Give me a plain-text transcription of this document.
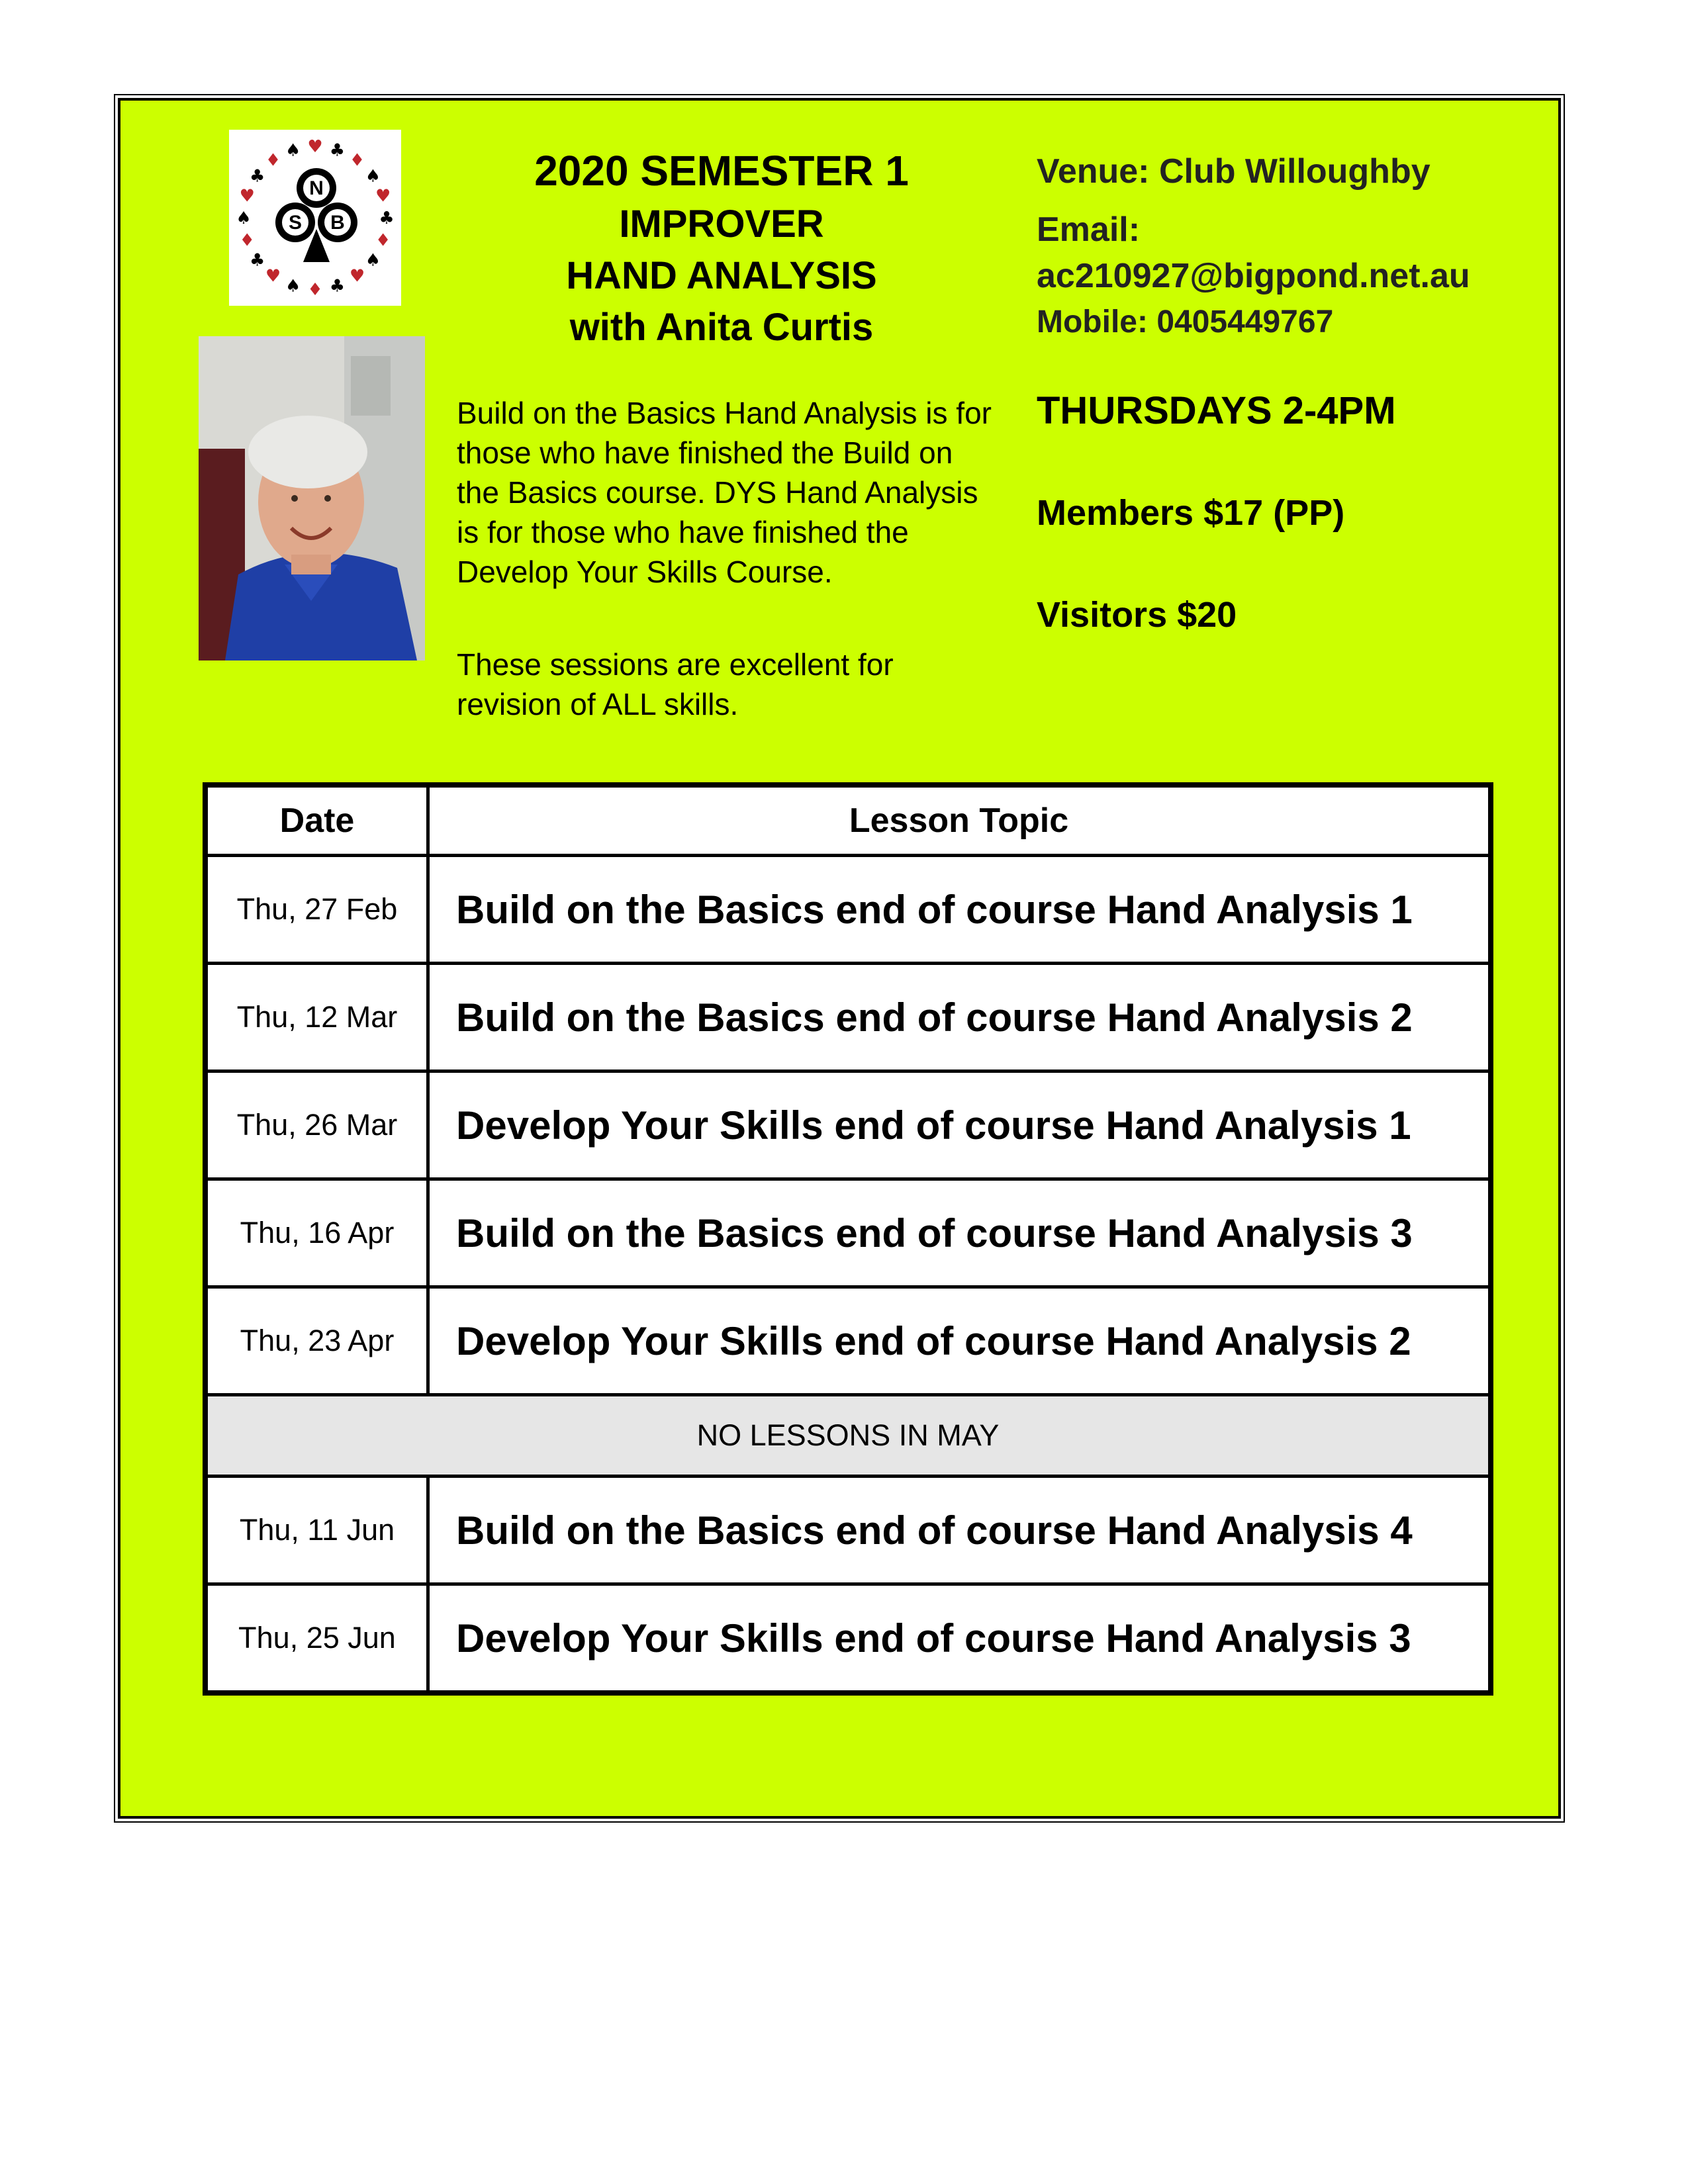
♥ ♣
♦
♠
♥
♣
♦
♠
♥
♣
♦
♠
♥
♣
♦
♠
♥
♣
♦
♠
N
S B
2020 SEMESTER 1
IMPROVER
HAND ANALYSIS
with Anita Curtis

Build on the Basics Hand Analysis is for those who have finished the Build on the Basics course. DYS Hand Analysis is for those who have finished the Develop Your Skills Course.

These sessions are excellent for revision of ALL skills.

Venue: Club Willoughby
Email:
ac210927@bigpond.net.au
Mobile: 0405449767
THURSDAYS 2-4PM
Members $17 (PP)
Visitors $20
Date	Lesson Topic
Thu, 27 Feb	Build on the Basics end of course Hand Analysis 1
Thu, 12 Mar	Build on the Basics end of course Hand Analysis 2
Thu, 26 Mar	Develop Your Skills end of course Hand Analysis 1
Thu, 16 Apr	Build on the Basics end of course Hand Analysis 3
Thu, 23 Apr	Develop Your Skills end of course Hand Analysis 2
NO LESSONS IN MAY	
Thu, 11 Jun	Build on the Basics end of course Hand Analysis 4
Thu, 25 Jun	Develop Your Skills end of course Hand Analysis 3
